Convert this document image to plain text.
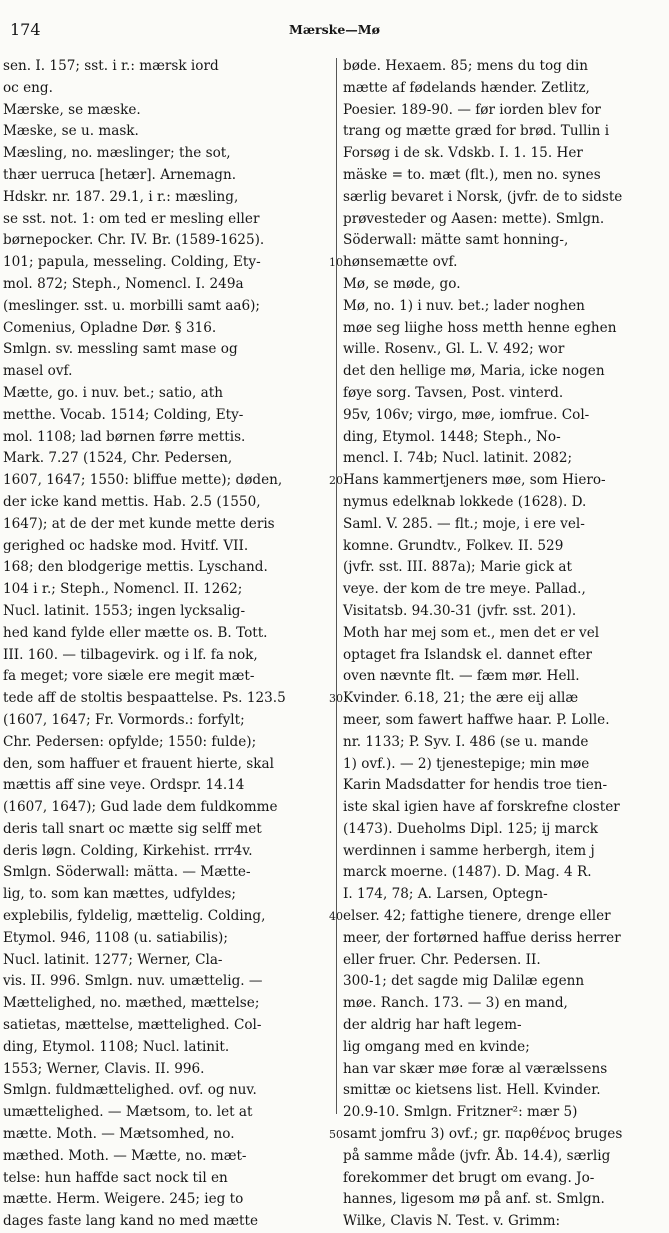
174	Mærske—Mø
sen. I. 157; sst. i r.: mærsk iord
oc eng.
Mærske, se mæske.
Mæske, se u. mask.
Mæsling, no. mæslinger; the sot,
thær uerruca [hetær]. Arnemagn.
Hdskr. nr. 187. 29.1, i r.: mæsling,
se sst. not. 1: om ted er mesling eller
børnepocker. Chr. IV. Br. (1589-1625).
101; papula, messeling. Colding, Ety-
mol. 872; Steph., Nomencl. I. 249a
(meslinger. sst. u. morbilli samt aa6);
Comenius, Opladne Dør. § 316.
Smlgn. sv. messling samt mase og
masel ovf.
Mætte, go. i nuv. bet.; satio, ath
metthe. Vocab. 1514; Colding, Ety-
mol. 1108; lad børnen førre mettis.
Mark. 7.27 (1524, Chr. Pedersen,
1607, 1647; 1550: bliffue mette); døden,
der icke kand mettis. Hab. 2.5 (1550,
1647); at de der met kunde mette deris
gerighed oc hadske mod. Hvitf. VII.
168; den blodgerige mettis. Lyschand.
104 i r.; Steph., Nomencl. II. 1262;
Nucl. latinit. 1553; ingen lycksalig-
hed kand fylde eller mætte os. B. Tott.
III. 160. — tilbagevirk. og i lf. fa nok,
fa meget; vore siæle ere megit mæt-
tede aff de stoltis bespaattelse. Ps. 123.5
(1607, 1647; Fr. Vormords.: forfylt;
Chr. Pedersen: opfylde; 1550: fulde);
den, som haffuer et frauent hierte, skal
mættis aff sine veye. Ordspr. 14.14
(1607, 1647); Gud lade dem fuldkomme
deris tall snart oc mætte sig selff met
deris løgn. Colding, Kirkehist. rrr4v.
Smlgn. Söderwall: mätta. — Mætte-
lig, to. som kan mættes, udfyldes;
explebilis, fyldelig, mættelig. Colding,
Etymol. 946, 1108 (u. satiabilis);
Nucl. latinit. 1277; Werner, Cla-
vis. II. 996. Smlgn. nuv. umættelig. —
Mættelighed, no. mæthed, mættelse;
satietas, mættelse, mættelighed. Col-
ding, Etymol. 1108; Nucl. latinit.
1553; Werner, Clavis. II. 996.
Smlgn. fuldmættelighed. ovf. og nuv.
umættelighed. — Mætsom, to. let at
mætte. Moth. — Mætsomhed, no.
mæthed. Moth. — Mætte, no. mæt-
telse: hun haffde sact nock til en
mætte. Herm. Weigere. 245; ieg to
dages faste lang kand no med mætte
bøde. Hexaem. 85; mens du tog din
mætte af fødelands hænder. Zetlitz,
Poesier. 189-90. — før iorden blev for
trang og mætte græd for brød. Tullin i
Forsøg i de sk. Vdskb. I. 1. 15. Her
mäske = to. mæt (flt.), men no. synes
særlig bevaret i Norsk, (jvfr. de to sidste
prøvesteder og Aasen: mette). Smlgn.
Söderwall: mätte samt honning-,
hønsemætte ovf.
Mø, se møde, go.
Mø, no. 1) i nuv. bet.; lader noghen
møe seg liighe hoss metth henne eghen
wille. Rosenv., Gl. L. V. 492; wor
det den hellige mø, Maria, icke nogen
føye sorg. Tavsen, Post. vinterd.
95v, 106v; virgo, møe, iomfrue. Col-
ding, Etymol. 1448; Steph., No-
mencl. I. 74b; Nucl. latinit. 2082;
Hans kammertjeners møe, som Hiero-
nymus edelknab lokkede (1628). D.
Saml. V. 285. — flt.; moje, i ere vel-
komne. Grundtv., Folkev. II. 529
(jvfr. sst. III. 887a); Marie gick at
veye. der kom de tre meye. Pallad.,
Visitatsb. 94.30-31 (jvfr. sst. 201).
Moth har mej som et., men det er vel
optaget fra Islandsk el. dannet efter
oven nævnte flt. — fæm mør. Hell.
Kvinder. 6.18, 21; the ære eij allæ
meer, som fawert haffwe haar. P. Lolle.
nr. 1133; P. Syv. I. 486 (se u. mande
1) ovf.). — 2) tjenestepige; min møe
Karin Madsdatter for hendis troe tien-
iste skal igien have af forskrefne closter
(1473). Dueholms Dipl. 125; ij marck
werdinnen i samme herbergh, item j
marck moerne. (1487). D. Mag. 4 R.
I. 174, 78; A. Larsen, Optegn-
elser. 42; fattighe tienere, drenge eller
meer, der fortørned haffue deriss herrer
eller fruer. Chr. Pedersen. II.
300-1; det sagde mig Dalilæ egenn
møe. Ranch. 173. — 3) en mand,
der aldrig har haft legem-
lig omgang med en kvinde;
han var skær møe foræ al værælssens
smittæ oc kietsens list. Hell. Kvinder.
20.9-10. Smlgn. Fritzner²: mær 5)
samt jomfru 3) ovf.; gr. παρθένος bruges
på samme måde (jvfr. Åb. 14.4), særlig
forekommer det brugt om evang. Jo-
hannes, ligesom mø på anf. st. Smlgn.
Wilke, Clavis N. Test. v. Grimm:
10
20
30
40
50
